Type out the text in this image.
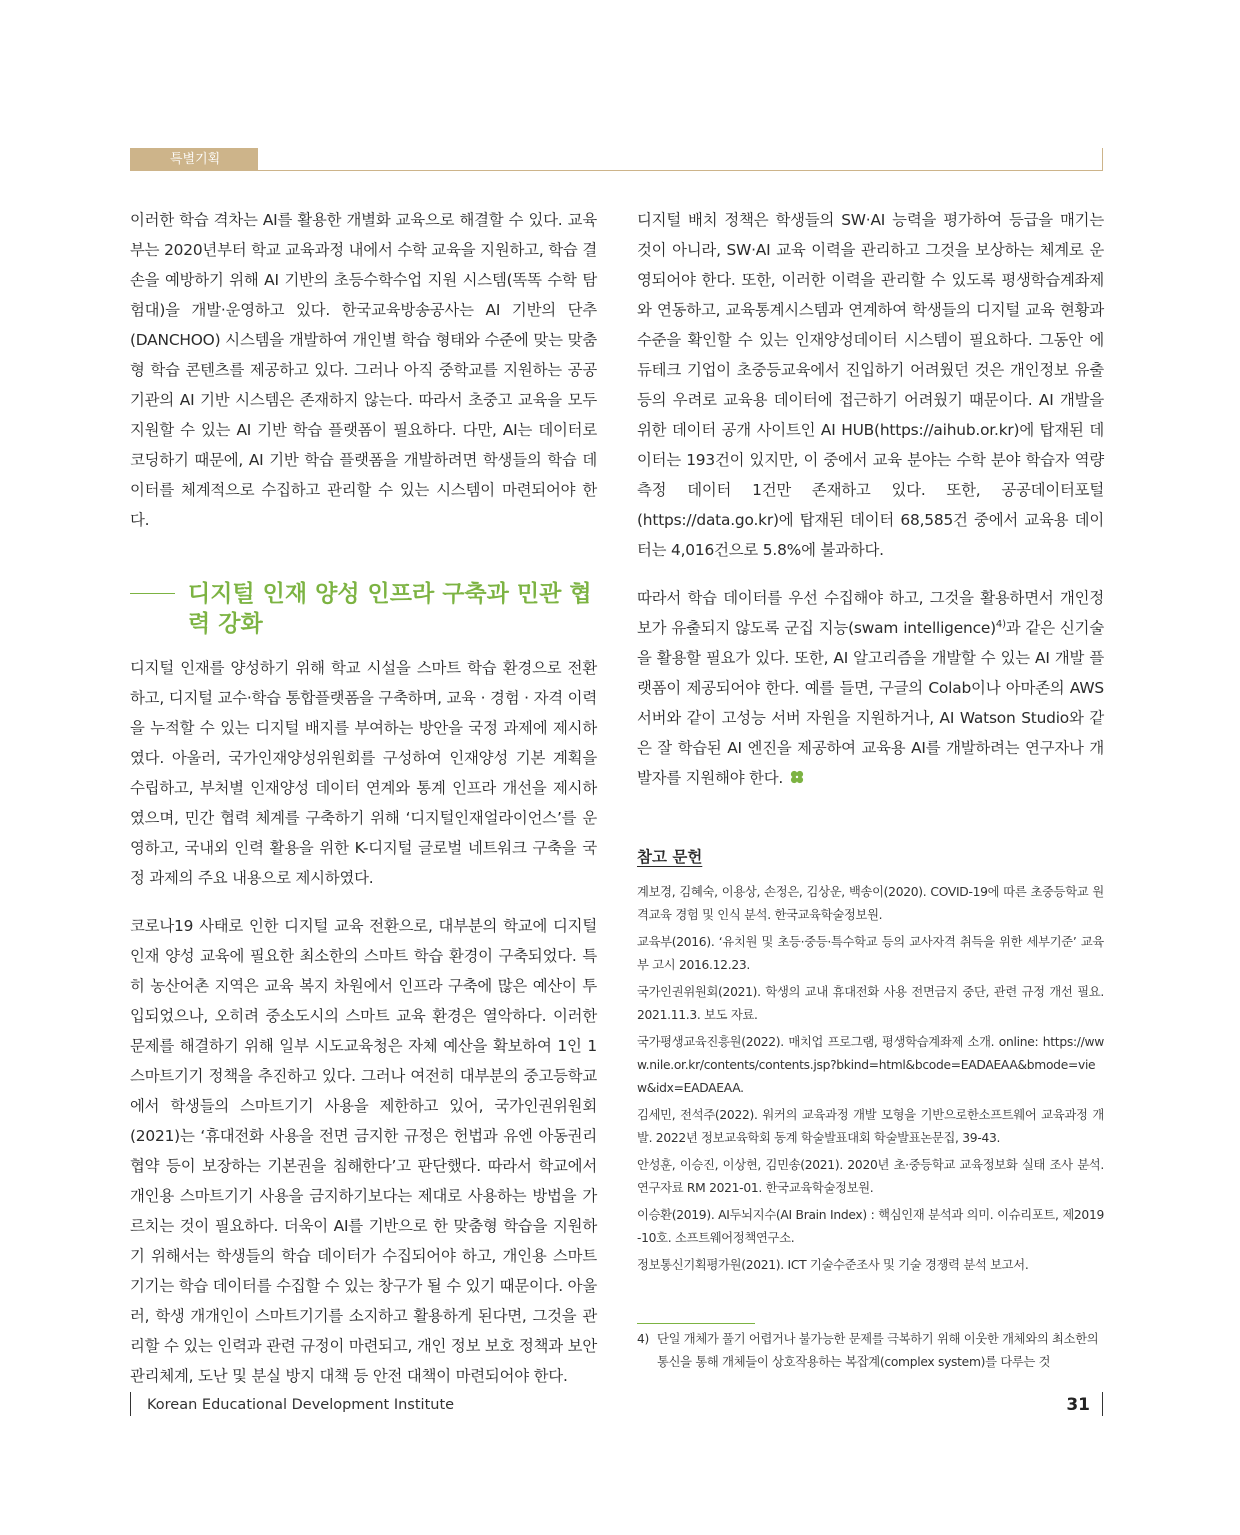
특별기획

이러한 학습 격차는 AI를 활용한 개별화 교육으로 해결할 수 있다. 교육부는 2020년부터 학교 교육과정 내에서 수학 교육을 지원하고, 학습 결손을 예방하기 위해 AI 기반의 초등수학수업 지원 시스템(똑똑 수학 탐험대)을 개발·운영하고 있다. 한국교육방송공사는 AI 기반의 단추(DANCHOO) 시스템을 개발하여 개인별 학습 형태와 수준에 맞는 맞춤형 학습 콘텐츠를 제공하고 있다. 그러나 아직 중학교를 지원하는 공공 기관의 AI 기반 시스템은 존재하지 않는다. 따라서 초중고 교육을 모두 지원할 수 있는 AI 기반 학습 플랫폼이 필요하다. 다만, AI는 데이터로 코딩하기 때문에, AI 기반 학습 플랫폼을 개발하려면 학생들의 학습 데이터를 체계적으로 수집하고 관리할 수 있는 시스템이 마련되어야 한다.

디지털 인재 양성 인프라 구축과 민관 협력 강화

디지털 인재를 양성하기 위해 학교 시설을 스마트 학습 환경으로 전환하고, 디지털 교수·학습 통합플랫폼을 구축하며, 교육 · 경험 · 자격 이력을 누적할 수 있는 디지털 배지를 부여하는 방안을 국정 과제에 제시하였다. 아울러, 국가인재양성위원회를 구성하여 인재양성 기본 계획을 수립하고, 부처별 인재양성 데이터 연계와 통계 인프라 개선을 제시하였으며, 민간 협력 체계를 구축하기 위해 ‘디지털인재얼라이언스’를 운영하고, 국내외 인력 활용을 위한 K-디지털 글로벌 네트워크 구축을 국정 과제의 주요 내용으로 제시하였다.

코로나19 사태로 인한 디지털 교육 전환으로, 대부분의 학교에 디지털 인재 양성 교육에 필요한 최소한의 스마트 학습 환경이 구축되었다. 특히 농산어촌 지역은 교육 복지 차원에서 인프라 구축에 많은 예산이 투입되었으나, 오히려 중소도시의 스마트 교육 환경은 열악하다. 이러한 문제를 해결하기 위해 일부 시도교육청은 자체 예산을 확보하여 1인 1 스마트기기 정책을 추진하고 있다. 그러나 여전히 대부분의 중고등학교에서 학생들의 스마트기기 사용을 제한하고 있어, 국가인권위원회(2021)는 ‘휴대전화 사용을 전면 금지한 규정은 헌법과 유엔 아동권리협약 등이 보장하는 기본권을 침해한다’고 판단했다. 따라서 학교에서 개인용 스마트기기 사용을 금지하기보다는 제대로 사용하는 방법을 가르치는 것이 필요하다. 더욱이 AI를 기반으로 한 맞춤형 학습을 지원하기 위해서는 학생들의 학습 데이터가 수집되어야 하고, 개인용 스마트기기는 학습 데이터를 수집할 수 있는 창구가 될 수 있기 때문이다. 아울러, 학생 개개인이 스마트기기를 소지하고 활용하게 된다면, 그것을 관리할 수 있는 인력과 관련 규정이 마련되고, 개인 정보 보호 정책과 보안 관리체계, 도난 및 분실 방지 대책 등 안전 대책이 마련되어야 한다.

디지털 배치 정책은 학생들의 SW·AI 능력을 평가하여 등급을 매기는 것이 아니라, SW·AI 교육 이력을 관리하고 그것을 보상하는 체계로 운영되어야 한다. 또한, 이러한 이력을 관리할 수 있도록 평생학습계좌제와 연동하고, 교육통계시스템과 연계하여 학생들의 디지털 교육 현황과 수준을 확인할 수 있는 인재양성데이터 시스템이 필요하다. 그동안 에듀테크 기업이 초중등교육에서 진입하기 어려웠던 것은 개인정보 유출 등의 우려로 교육용 데이터에 접근하기 어려웠기 때문이다. AI 개발을 위한 데이터 공개 사이트인 AI HUB(https://aihub.or.kr)에 탑재된 데이터는 193건이 있지만, 이 중에서 교육 분야는 수학 분야 학습자 역량 측정 데이터 1건만 존재하고 있다. 또한, 공공데이터포털(https://data.go.kr)에 탑재된 데이터 68,585건 중에서 교육용 데이터는 4,016건으로 5.8%에 불과하다.

따라서 학습 데이터를 우선 수집해야 하고, 그것을 활용하면서 개인정보가 유출되지 않도록 군집 지능(swam intelligence)$^{4)}$과 같은 신기술을 활용할 필요가 있다. 또한, AI 알고리즘을 개발할 수 있는 AI 개발 플랫폼이 제공되어야 한다. 예를 들면, 구글의 Colab이나 아마존의 AWS 서버와 같이 고성능 서버 자원을 지원하거나, AI Watson Studio와 같은 잘 학습된 AI 엔진을 제공하여 교육용 AI를 개발하려는 연구자나 개발자를 지원해야 한다.

참고 문헌

계보경, 김혜숙, 이용상, 손정은, 김상운, 백송이(2020). COVID-19에 따른 초중등학교 원격교육 경험 및 인식 분석. 한국교육학술정보원.

교육부(2016). ‘유치원 및 초등·중등·특수학교 등의 교사자격 취득을 위한 세부기준’ 교육부 고시 2016.12.23.

국가인권위원회(2021). 학생의 교내 휴대전화 사용 전면금지 중단, 관련 규정 개선 필요. 2021.11.3. 보도 자료.

국가평생교육진흥원(2022). 매치업 프로그램, 평생학습계좌제 소개. online: https://www.nile.or.kr/contents/contents.jsp?bkind=html&bcode=EADAEAA&bmode=view&idx=EADAEAA.

김세민, 전석주(2022). 워커의 교육과정 개발 모형을 기반으로한소프트웨어 교육과정 개발. 2022년 정보교육학회 동계 학술발표대회 학술발표논문집, 39-43.

안성훈, 이승진, 이상현, 김민송(2021). 2020년 초·중등학교 교육정보화 실태 조사 분석. 연구자료 RM 2021-01. 한국교육학술정보원.

이승환(2019). AI두뇌지수(AI Brain Index) : 핵심인재 분석과 의미. 이슈리포트, 제2019-10호. 소프트웨어정책연구소.

정보통신기획평가원(2021). ICT 기술수준조사 및 기술 경쟁력 분석 보고서.

4) 단일 개체가 풀기 어렵거나 불가능한 문제를 극복하기 위해 이웃한 개체와의 최소한의 통신을 통해 개체들이 상호작용하는 복잡계(complex system)를 다루는 것
Korean Educational Development Institute	31
